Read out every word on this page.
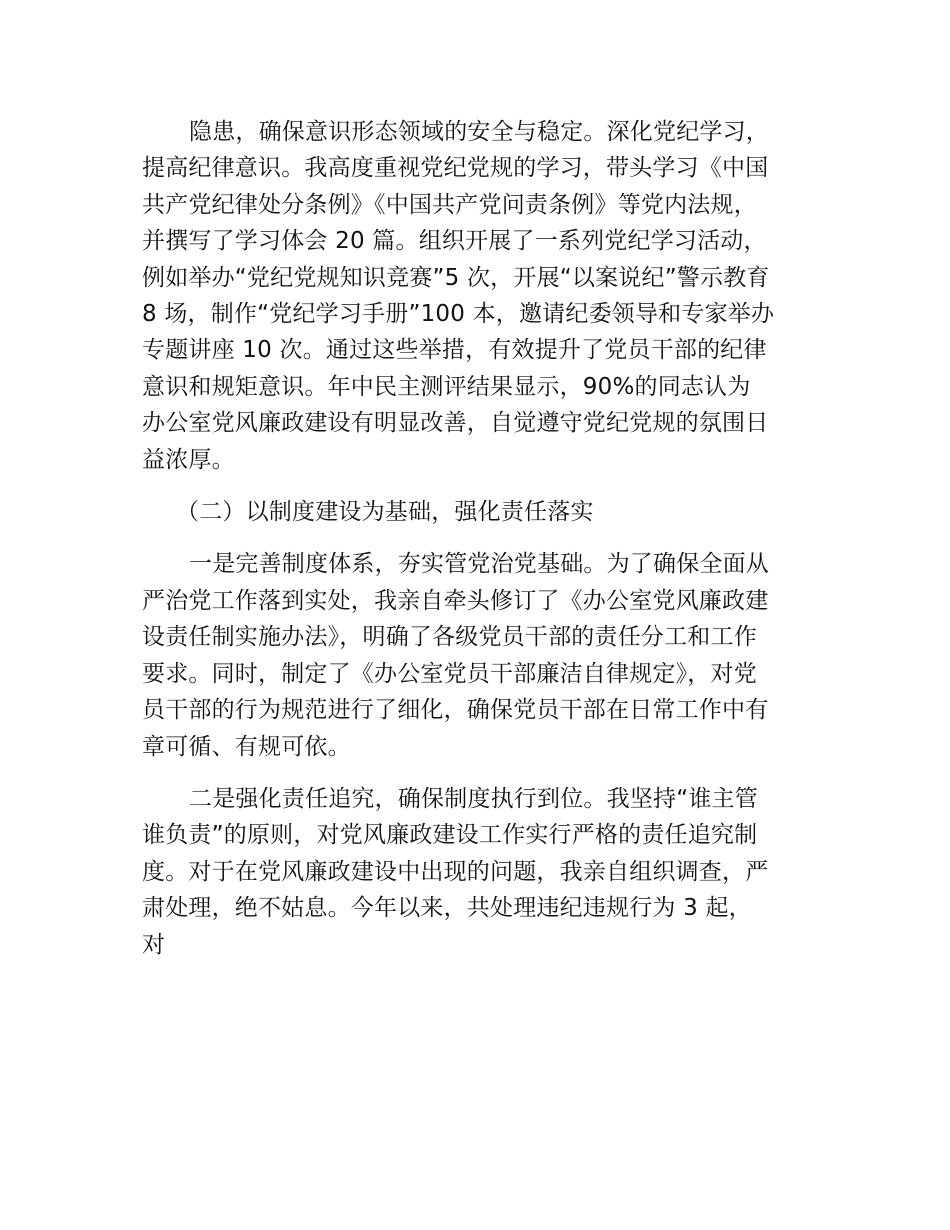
隐患，确保意识形态领域的安全与稳定。深化党纪学习，
提高纪律意识。我高度重视党纪党规的学习，带头学习《中国
共产党纪律处分条例》《中国共产党问责条例》等党内法规，
并撰写了学习体会 20 篇。组织开展了一系列党纪学习活动，
例如举办“党纪党规知识竞赛”5 次，开展“以案说纪”警示教育
8 场，制作“党纪学习手册”100 本，邀请纪委领导和专家举办
专题讲座 10 次。通过这些举措，有效提升了党员干部的纪律
意识和规矩意识。年中民主测评结果显示，90%的同志认为
办公室党风廉政建设有明显改善，自觉遵守党纪党规的氛围日
益浓厚。
（二）以制度建设为基础，强化责任落实
一是完善制度体系，夯实管党治党基础。为了确保全面从
严治党工作落到实处，我亲自牵头修订了《办公室党风廉政建
设责任制实施办法》，明确了各级党员干部的责任分工和工作
要求。同时，制定了《办公室党员干部廉洁自律规定》，对党
员干部的行为规范进行了细化，确保党员干部在日常工作中有
章可循、有规可依。
二是强化责任追究，确保制度执行到位。我坚持“谁主管
谁负责”的原则，对党风廉政建设工作实行严格的责任追究制
度。对于在党风廉政建设中出现的问题，我亲自组织调查，严
肃处理，绝不姑息。今年以来，共处理违纪违规行为 3 起，
对
